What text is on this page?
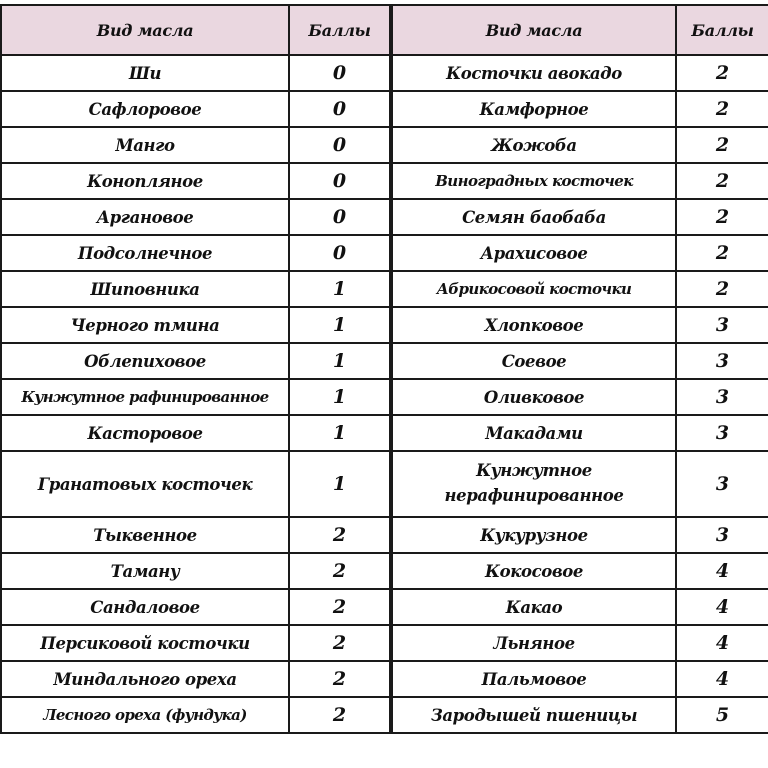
Вид масла	Баллы
Ши	0
Сафлоровое	0
Манго	0
Конопляное	0
Аргановое	0
Подсолнечное	0
Шиповника	1
Черного тмина	1
Облепиховое	1
Кунжутное рафинированное	1
Касторовое	1
Гранатовых косточек	1
Тыквенное	2
Таману	2
Сандаловое	2
Персиковой косточки	2
Миндального ореха	2
Лесного ореха (фундука)	2
Вид масла	Баллы
Косточки авокадо	2
Камфорное	2
Жожоба	2
Виноградных косточек	2
Семян баобаба	2
Арахисовое	2
Абрикосовой косточки	2
Хлопковое	3
Соевое	3
Оливковое	3
Макадами	3
Кунжутное нерафинированное	3
Кукурузное	3
Кокосовое	4
Какао	4
Льняное	4
Пальмовое	4
Зародышей пшеницы	5
